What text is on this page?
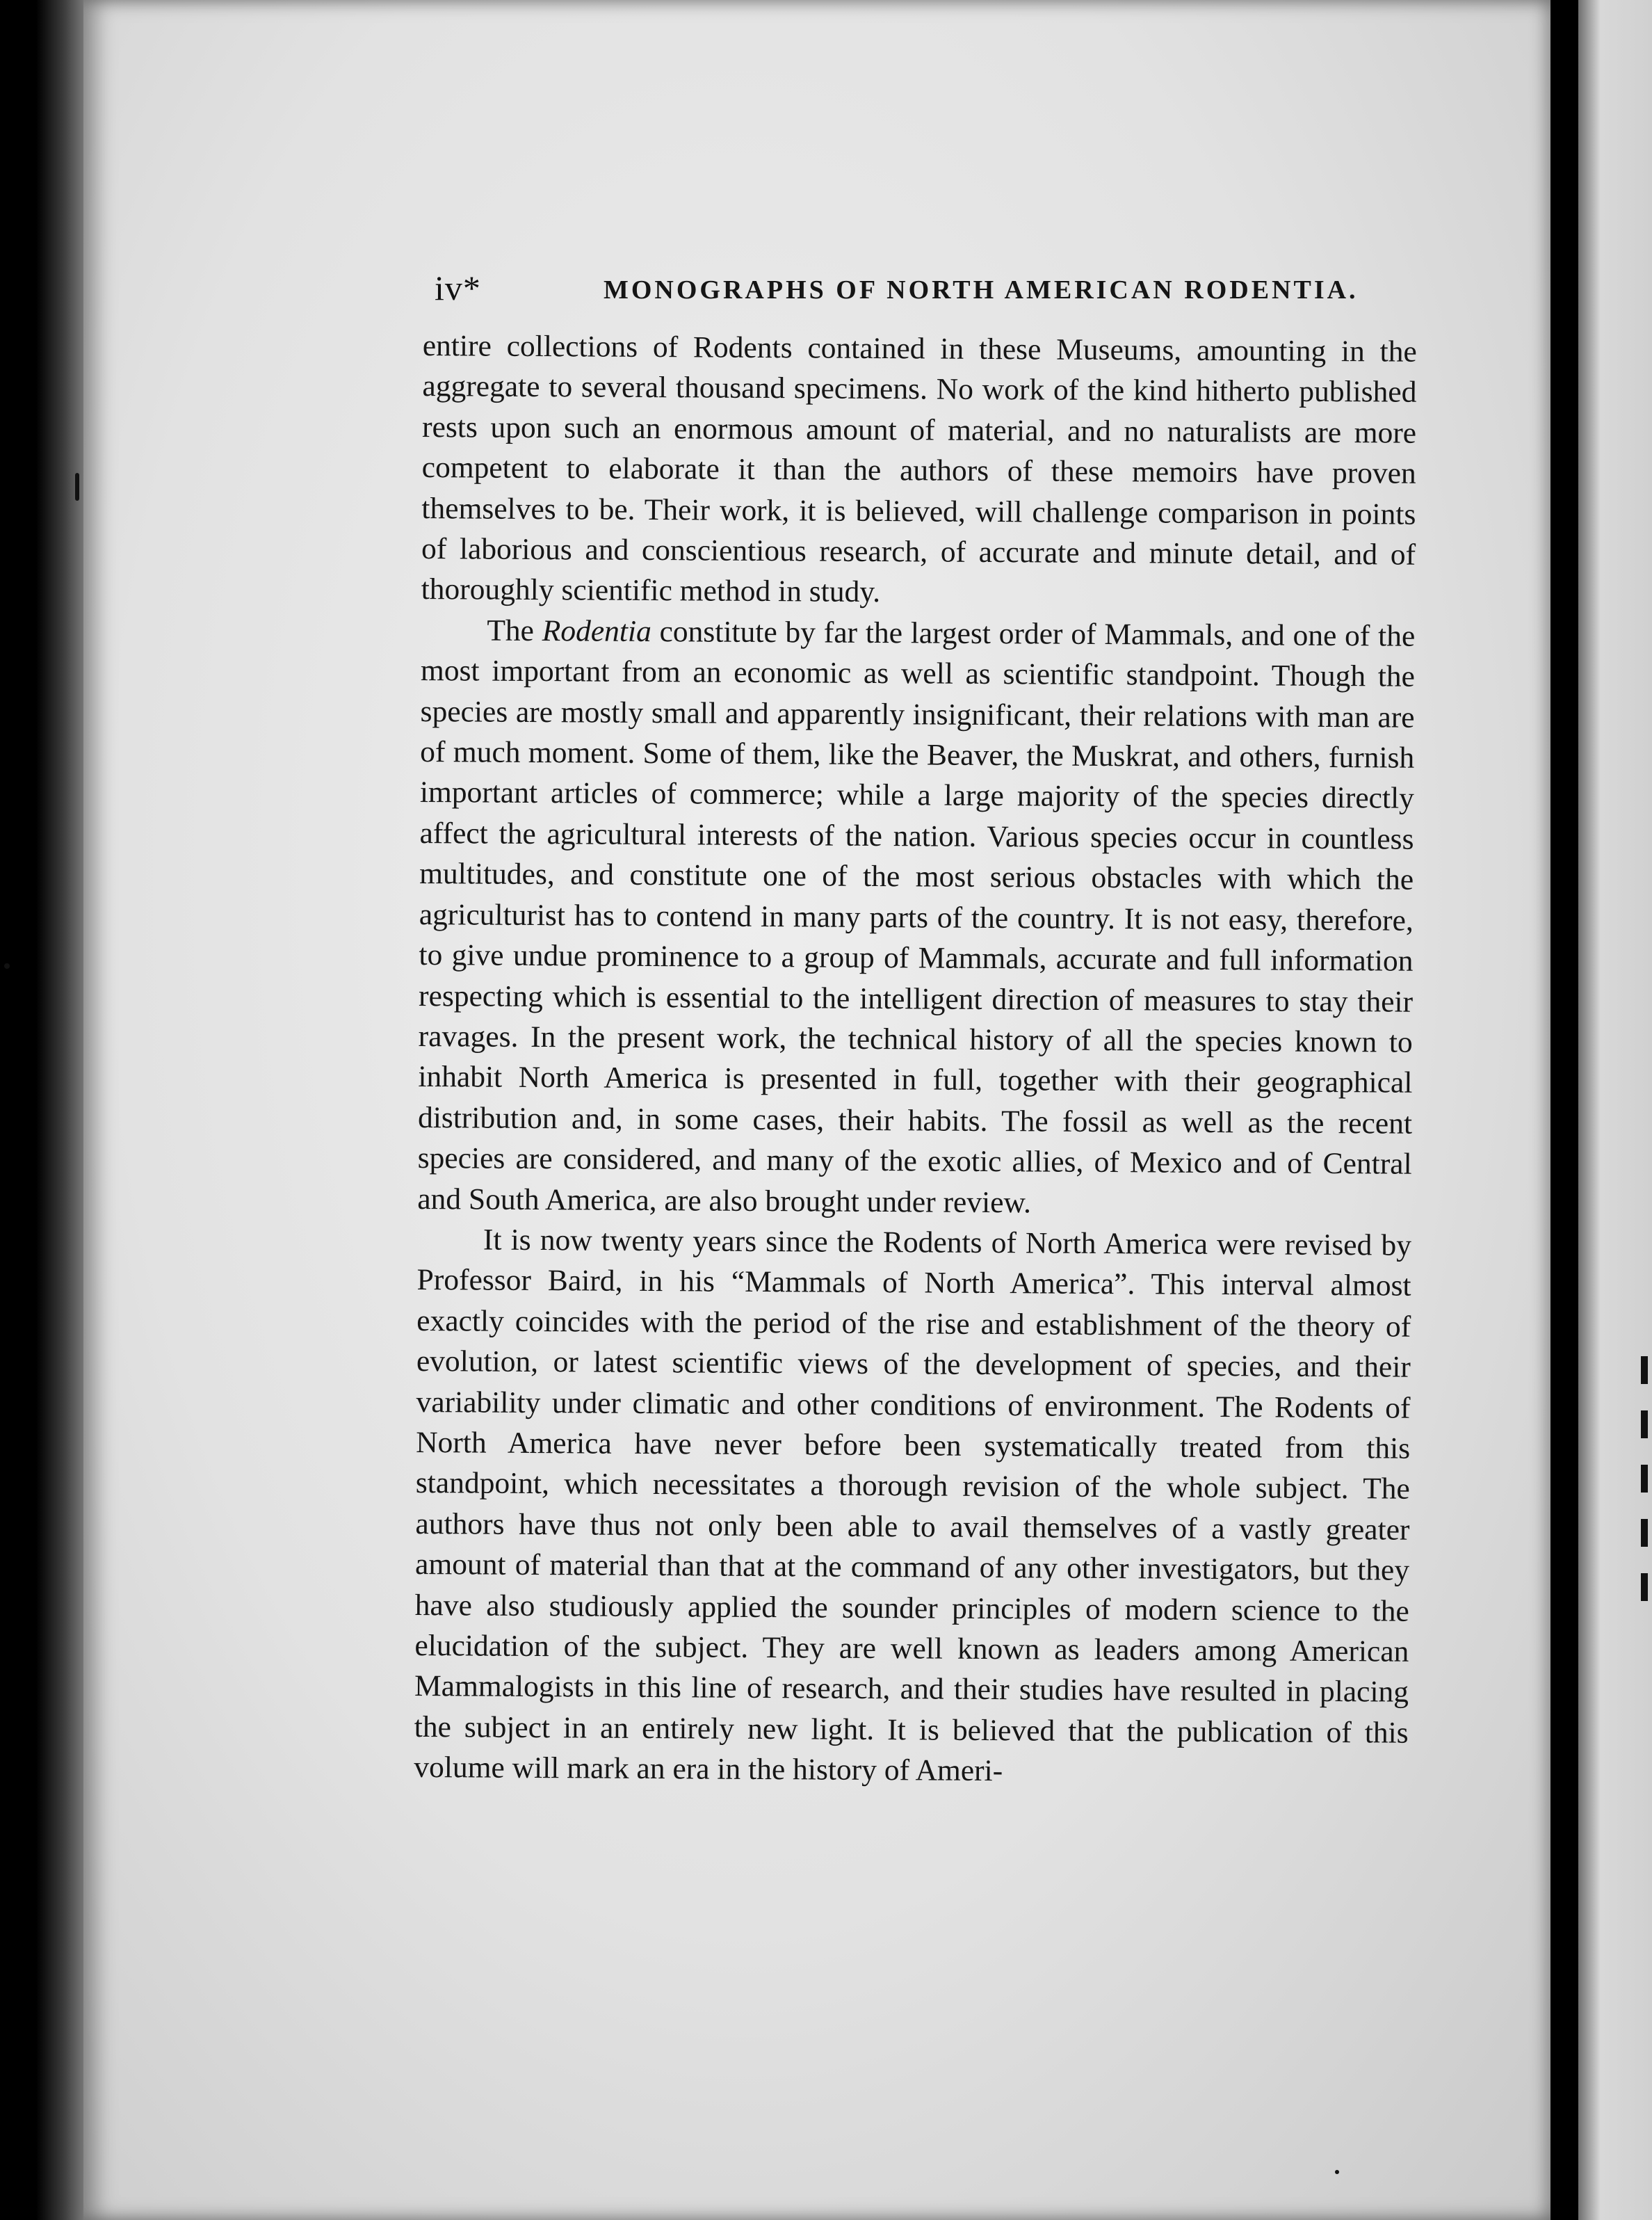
iv*	MONOGRAPHS OF NORTH AMERICAN RODENTIA.

entire collections of Rodents contained in these Museums, amounting in the aggregate to several thousand specimens. No work of the kind hitherto published rests upon such an enormous amount of material, and no naturalists are more competent to elaborate it than the authors of these memoirs have proven themselves to be. Their work, it is believed, will challenge comparison in points of laborious and conscientious research, of accurate and minute detail, and of thoroughly scientific method in study.

The Rodentia constitute by far the largest order of Mammals, and one of the most important from an economic as well as scientific standpoint. Though the species are mostly small and apparently insignificant, their relations with man are of much moment. Some of them, like the Beaver, the Muskrat, and others, furnish important articles of commerce; while a large majority of the species directly affect the agricultural interests of the nation. Various species occur in countless multitudes, and constitute one of the most serious obstacles with which the agriculturist has to contend in many parts of the country. It is not easy, therefore, to give undue prominence to a group of Mammals, accurate and full information respecting which is essential to the intelligent direction of measures to stay their ravages. In the present work, the technical history of all the species known to inhabit North America is presented in full, together with their geographical distribution and, in some cases, their habits. The fossil as well as the recent species are considered, and many of the exotic allies, of Mexico and of Central and South America, are also brought under review.

It is now twenty years since the Rodents of North America were revised by Professor Baird, in his “Mammals of North America”. This interval almost exactly coincides with the period of the rise and establishment of the theory of evolution, or latest scientific views of the development of species, and their variability under climatic and other conditions of environment. The Rodents of North America have never before been systematically treated from this standpoint, which necessitates a thorough revision of the whole subject. The authors have thus not only been able to avail themselves of a vastly greater amount of material than that at the command of any other investigators, but they have also studiously applied the sounder principles of modern science to the elucidation of the subject. They are well known as leaders among American Mammalogists in this line of research, and their studies have resulted in placing the subject in an entirely new light. It is believed that the publication of this volume will mark an era in the history of Ameri-
